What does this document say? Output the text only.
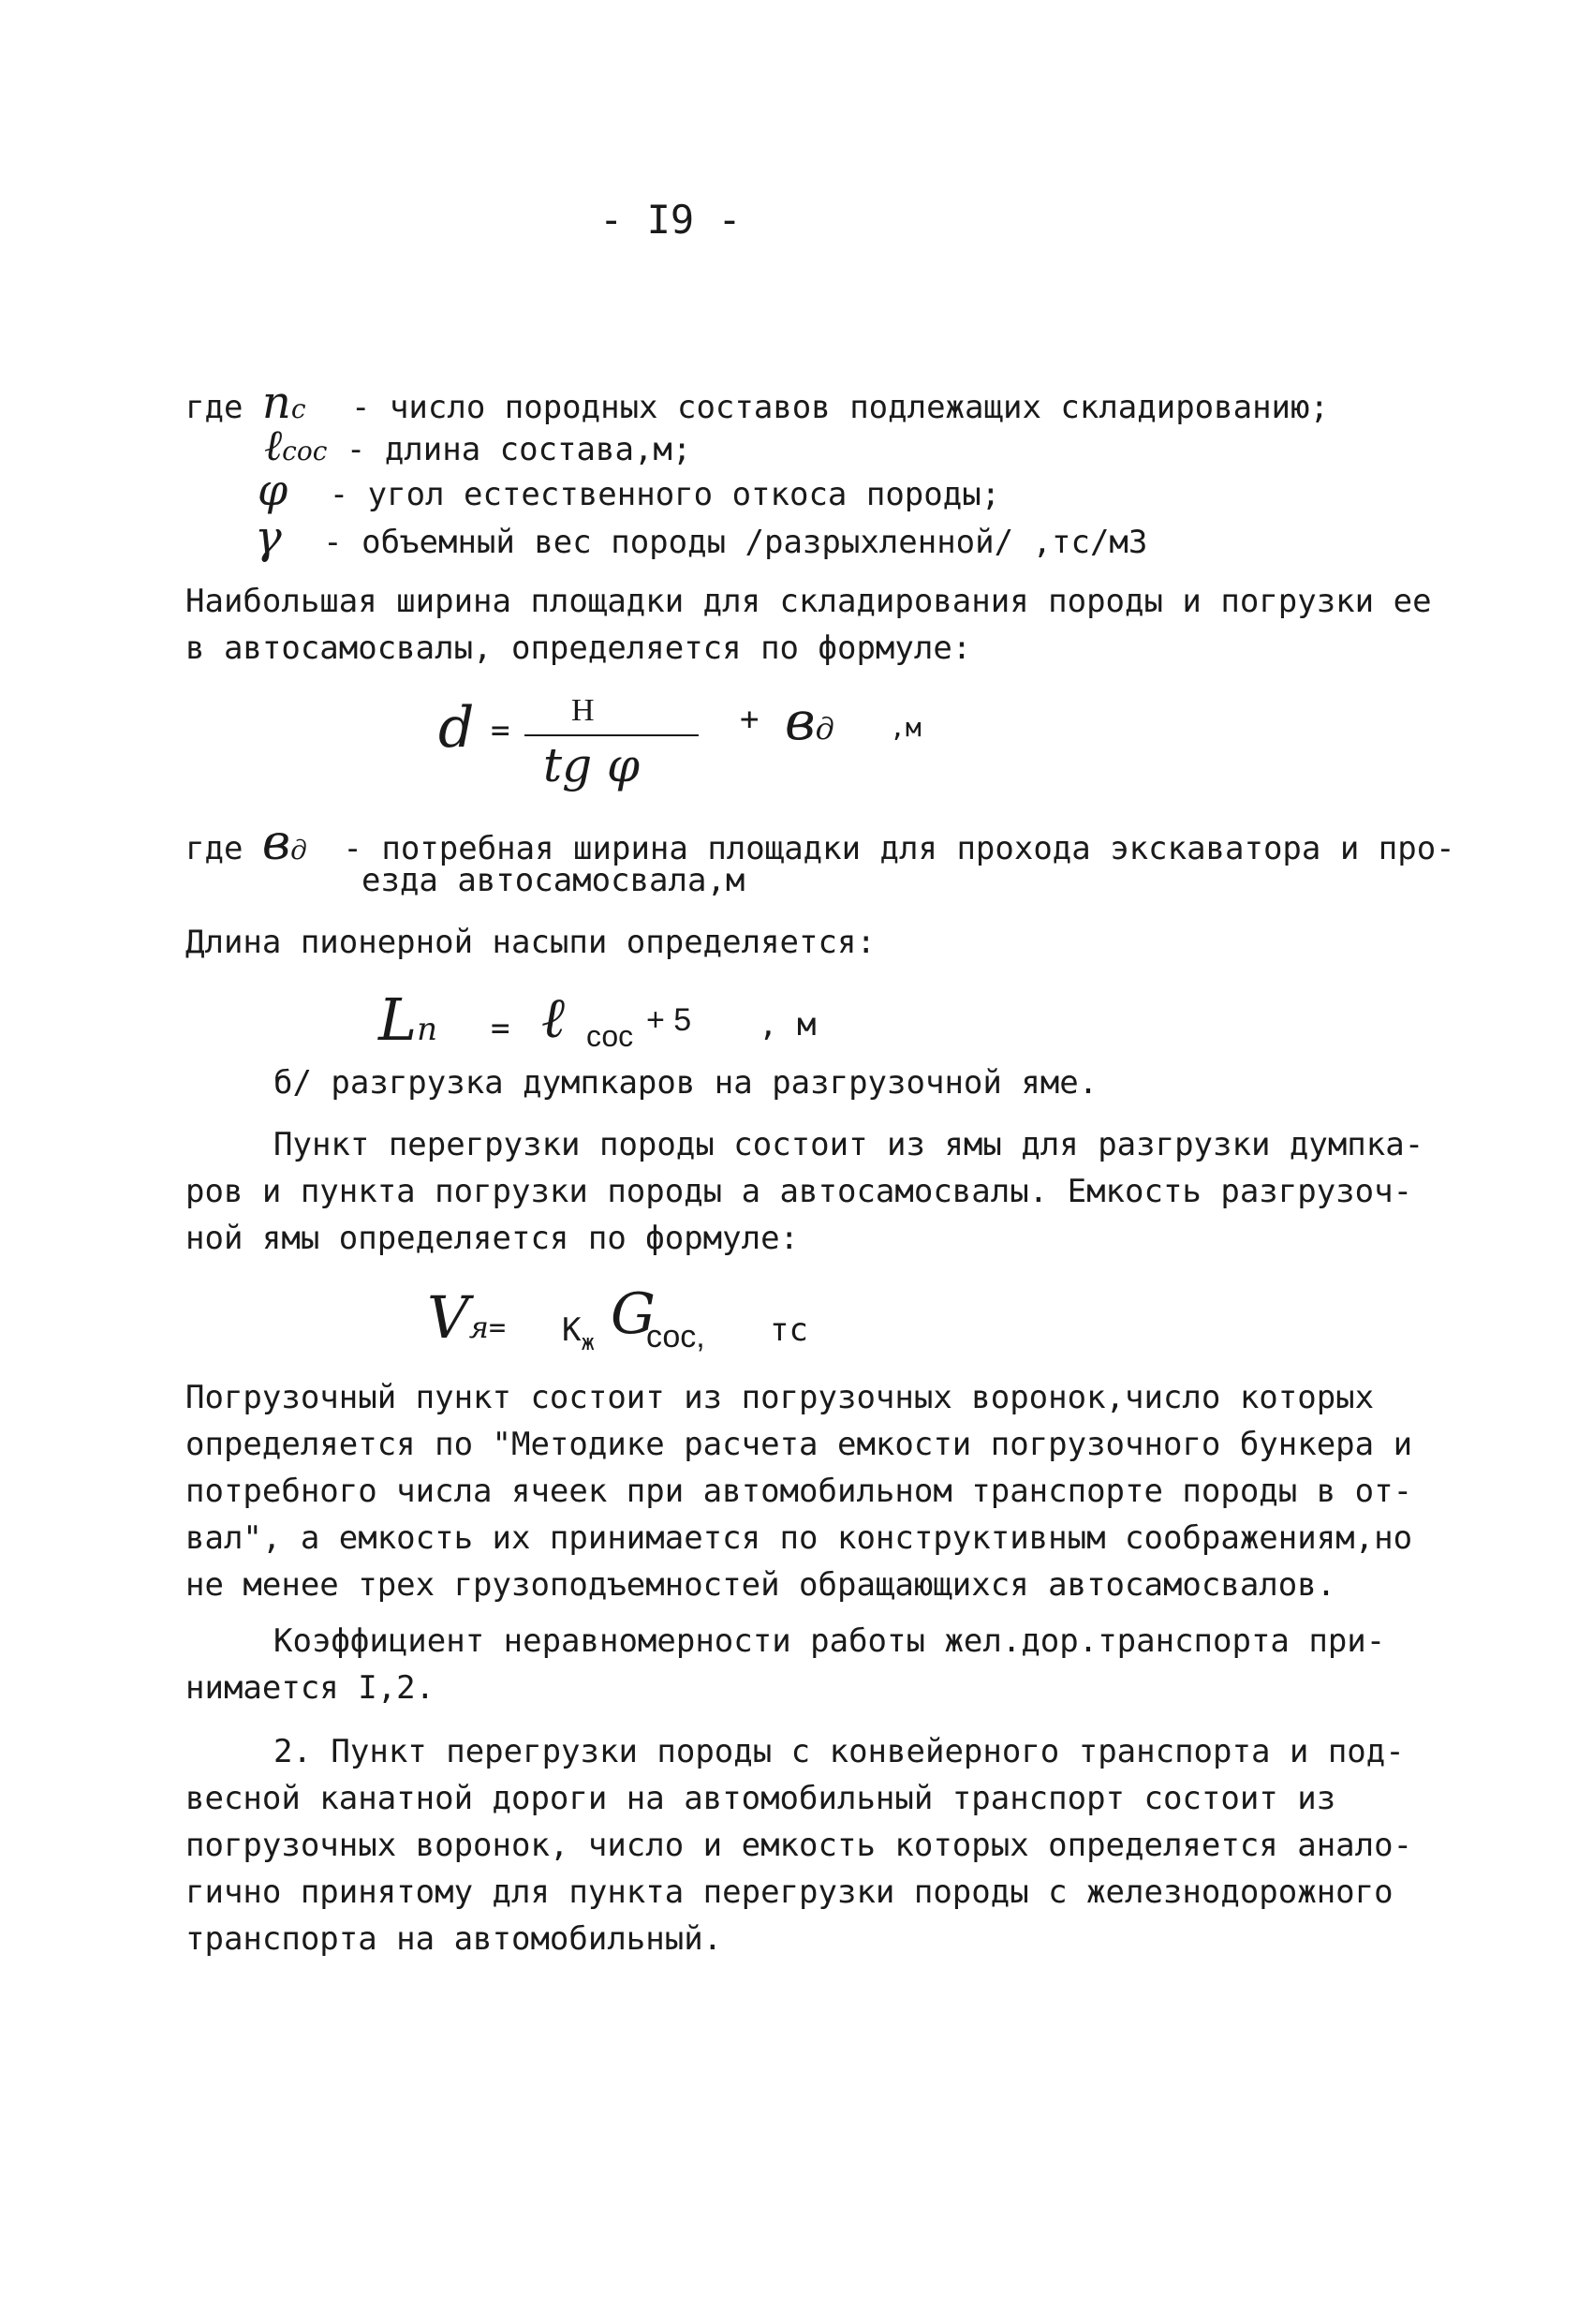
- I9 -
где nc - число породных составов подлежащих складированию;
ℓсос - длина состава,м;
φ - угол естественного откоса породы;
γ - объемный вес породы /разрыхленной/ ,тс/м3
Наибольшая ширина площадки для складирования породы и погрузки ее
в автосамосвалы, определяется по формуле:
d =
H
tg φ
+ вд ,м
где вд - потребная ширина площадки для прохода экскаватора и про-
езда автосамосвала,м
Длина пионерной насыпи определяется:
Lп = ℓ сос + 5 , м
б/ разгрузка думпкаров на разгрузочной яме.
Пункт перегрузки породы состоит из ямы для разгрузки думпка-
ров и пункта погрузки породы а автосамосвалы. Емкость разгрузоч-
ной ямы определяется по формуле:
Vя = $К_ж$ G
сос, тс
Погрузочный пункт состоит из погрузочных воронок,число которых
определяется по "Методике расчета емкости погрузочного бункера и
потребного числа ячеек при автомобильном транспорте породы в от-
вал", а емкость их принимается по конструктивным соображениям,но
не менее трех грузоподъемностей обращающихся автосамосвалов.
Коэффициент неравномерности работы жел.дор.транспорта при-
нимается I,2.
2. Пункт перегрузки породы с конвейерного транспорта и под-
весной канатной дороги на автомобильный транспорт состоит из
погрузочных воронок, число и емкость которых определяется анало-
гично принятому для пункта перегрузки породы с железнодорожного
транспорта на автомобильный.
